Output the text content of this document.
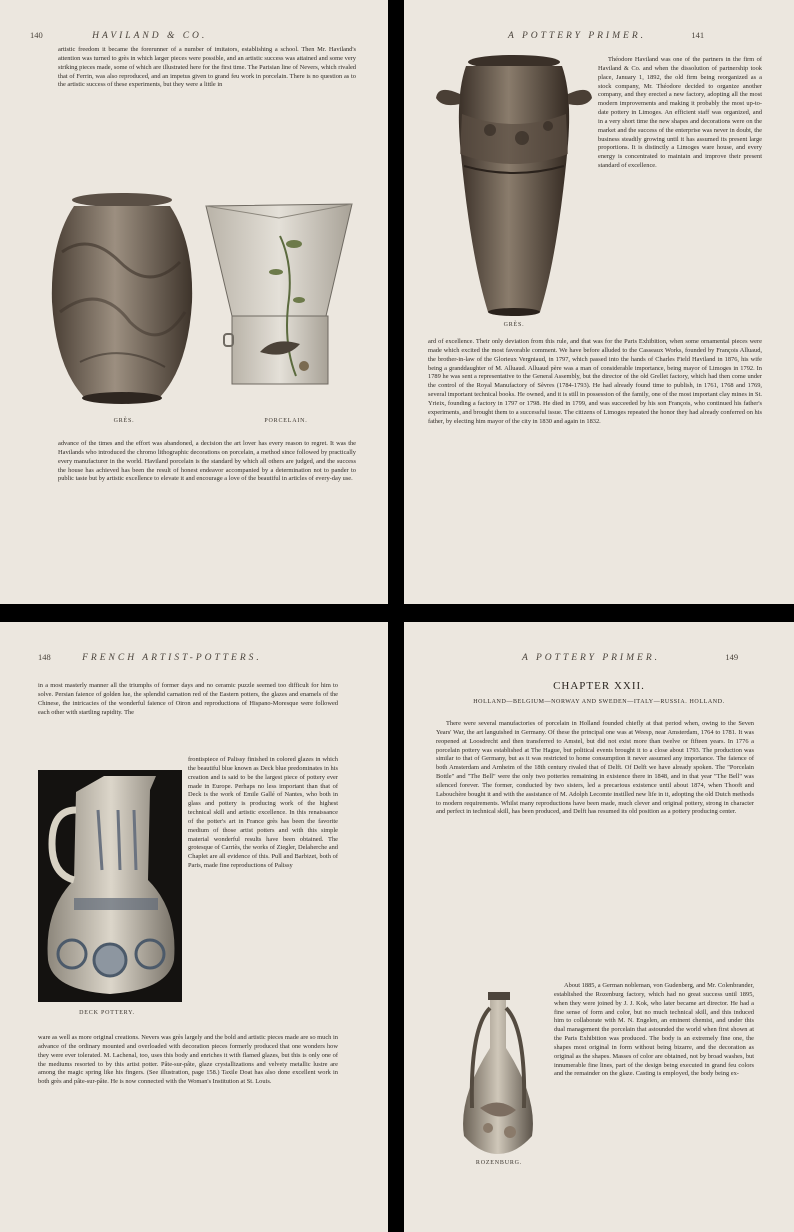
140	HAVILAND & CO.

artistic freedom it became the forerunner of a number of imitators, establishing a school. Then Mr. Haviland's attention was turned to grès in which larger pieces were possible, and an artistic success was attained and some very striking pieces made, some of which are illustrated here for the first time. The Parisian line of Nevers, which rivaled that of Ferrin, was also reproduced, and an impetus given to grand feu work in porcelain. There is no question as to the artistic success of these experiments, but they were a little in

GRÈS.	PORCELAIN.

advance of the times and the effort was abandoned, a decision the art lover has every reason to regret. It was the Havilands who introduced the chromo lithographic decorations on porcelain, a method since followed by practically every manufacturer in the world. Haviland porcelain is the standard by which all others are judged, and the success the house has achieved has been the result of honest endeavor accompanied by a determination not to pander to public taste but by artistic excellence to elevate it and encourage a love of the beautiful in articles of every-day use.

A POTTERY PRIMER.	141
GRÈS.

Théodore Haviland was one of the partners in the firm of Haviland & Co. and when the dissolution of partnership took place, January 1, 1892, the old firm being reorganized as a stock company, Mr. Théodore decided to organize another company, and they erected a new factory, adopting all the most modern improvements and making it probably the most up-to-date pottery in Limoges. An efficient staff was organized, and in a very short time the new shapes and decorations were on the market and the success of the enterprise was never in doubt, the business steadily growing until it has assumed its present large proportions. It is distinctly a Limoges ware house, and every energy is concentrated to maintain and improve their present standard of excellence.

ard of excellence. Their only deviation from this rule, and that was for the Paris Exhibition, when some ornamental pieces were made which excited the most favorable comment. We have before alluded to the Casseaux Works, founded by François Alluaud, the brother-in-law of the Glorieux Vergniaud, in 1797, which passed into the hands of Charles Field Haviland in 1876, his wife being a granddaughter of M. Alluaud. Alluaud père was a man of considerable importance, being mayor of Limoges in 1792. In 1789 he was sent a representative to the General Assembly, but the director of the old Grellet factory, which had then come under the control of the Royal Manufactory of Sèvres (1784-1793). He had already found time to publish, in 1761, 1768 and 1769, several important technical books. He owned, and it is still in possession of the family, one of the most important clay mines in St. Yrieix, founding a factory in 1797 or 1798. He died in 1799, and was succeeded by his son François, who continued his father's experiments, and brought them to a successful issue. The citizens of Limoges repeated the honor they had already conferred on his father, by electing him mayor of the city in 1830 and again in 1832.

148	FRENCH ARTIST-POTTERS.

in a most masterly manner all the triumphs of former days and no ceramic puzzle seemed too difficult for him to solve. Persian faience of golden lue, the splendid carnation red of the Eastern potters, the glazes and enamels of the Chinese, the intricacies of the wonderful faience of Oiron and reproductions of Hispano-Moresque were followed each other with startling rapidity. The

DECK POTTERY.

frontispiece of Palissy finished in colored glazes in which the beautiful blue known as Deck blue predominates in his creation and is said to be the largest piece of pottery ever made in Europe. Perhaps no less important than that of Deck is the work of Emile Gallé of Nantes, who both in glass and pottery is producing work of the highest technical skill and artistic excellence. In this renaissance of the potter's art in France grès has been the favorite medium of those artist potters and with this simple material wonderful results have been obtained. The grotesque of Carriès, the works of Ziegler, Delaherche and Chaplet are all evidence of this. Pull and Barbizet, both of Paris, made fine reproductions of Palissy

ware as well as more original creations. Nevers was grès largely and the bold and artistic pieces made are so much in advance of the ordinary mounted and overloaded with decoration pieces formerly produced that one wonders how they were ever tolerated. M. Lachenal, too, uses this body and enriches it with flamed glazes, but this is only one of the mediums resorted to by this artist potter. Pâte-sur-pâte, glaze crystallizations and velvety metallic lustre are among the magic spring like his fingers. (See illustration, page 158.) Taxile Doat has also done excellent work in both grès and pâte-sur-pâte. He is now connected with the Woman's Institution at St. Louis.

A POTTERY PRIMER.	149
CHAPTER XXII.
HOLLAND—BELGIUM—NORWAY AND SWEDEN—ITALY—RUSSIA. HOLLAND.

There were several manufactories of porcelain in Holland founded chiefly at that period when, owing to the Seven Years' War, the art languished in Germany. Of these the principal one was at Weesp, near Amsterdam, 1764 to 1781. It was reopened at Loosdrecht and then transferred to Amstel, but did not exist more than twelve or fifteen years. In 1776 a porcelain pottery was established at The Hague, but political events brought it to a close about 1793. The production was similar to that of Germany, but as it was restricted to home consumption it never assumed any importance. The faience of both Amsterdam and Arnheim of the 18th century rivaled that of Delft. Of Delft we have already spoken. The "Porcelain Bottle" and "The Bell" were the only two potteries remaining in existence there in 1848, and in that year "The Bell" was silenced forever. The former, conducted by two sisters, led a precarious existence until about 1874, when Thooft and Labouchère bought it and with the assistance of M. Adolph Lecomte instilled new life in it, adopting the old Dutch methods to modern requirements. Whilst many reproductions have been made, much clever and original pottery, strong in character and perfect in technical skill, has been produced, and Delft has resumed its old position as a pottery producing center.

ROZENBURG.

About 1885, a German nobleman, von Gudenberg, and Mr. Colenbrander, established the Rozenburg factory, which had no great success until 1895, when they were joined by J. J. Kok, who later became art director. He had a fine sense of form and color, but no much technical skill, and this induced him to collaborate with M. N. Engelen, an eminent chemist, and under this dual management the porcelain that astounded the world when first shown at the Paris Exhibition was produced. The body is an extremely fine one, the shapes most original in form without being bizarre, and the decoration as original as the shapes. Masses of color are obtained, not by broad washes, but innumerable fine lines, part of the design being executed in grand feu colors and the remainder on the glaze. Casting is employed, the body being ex-
